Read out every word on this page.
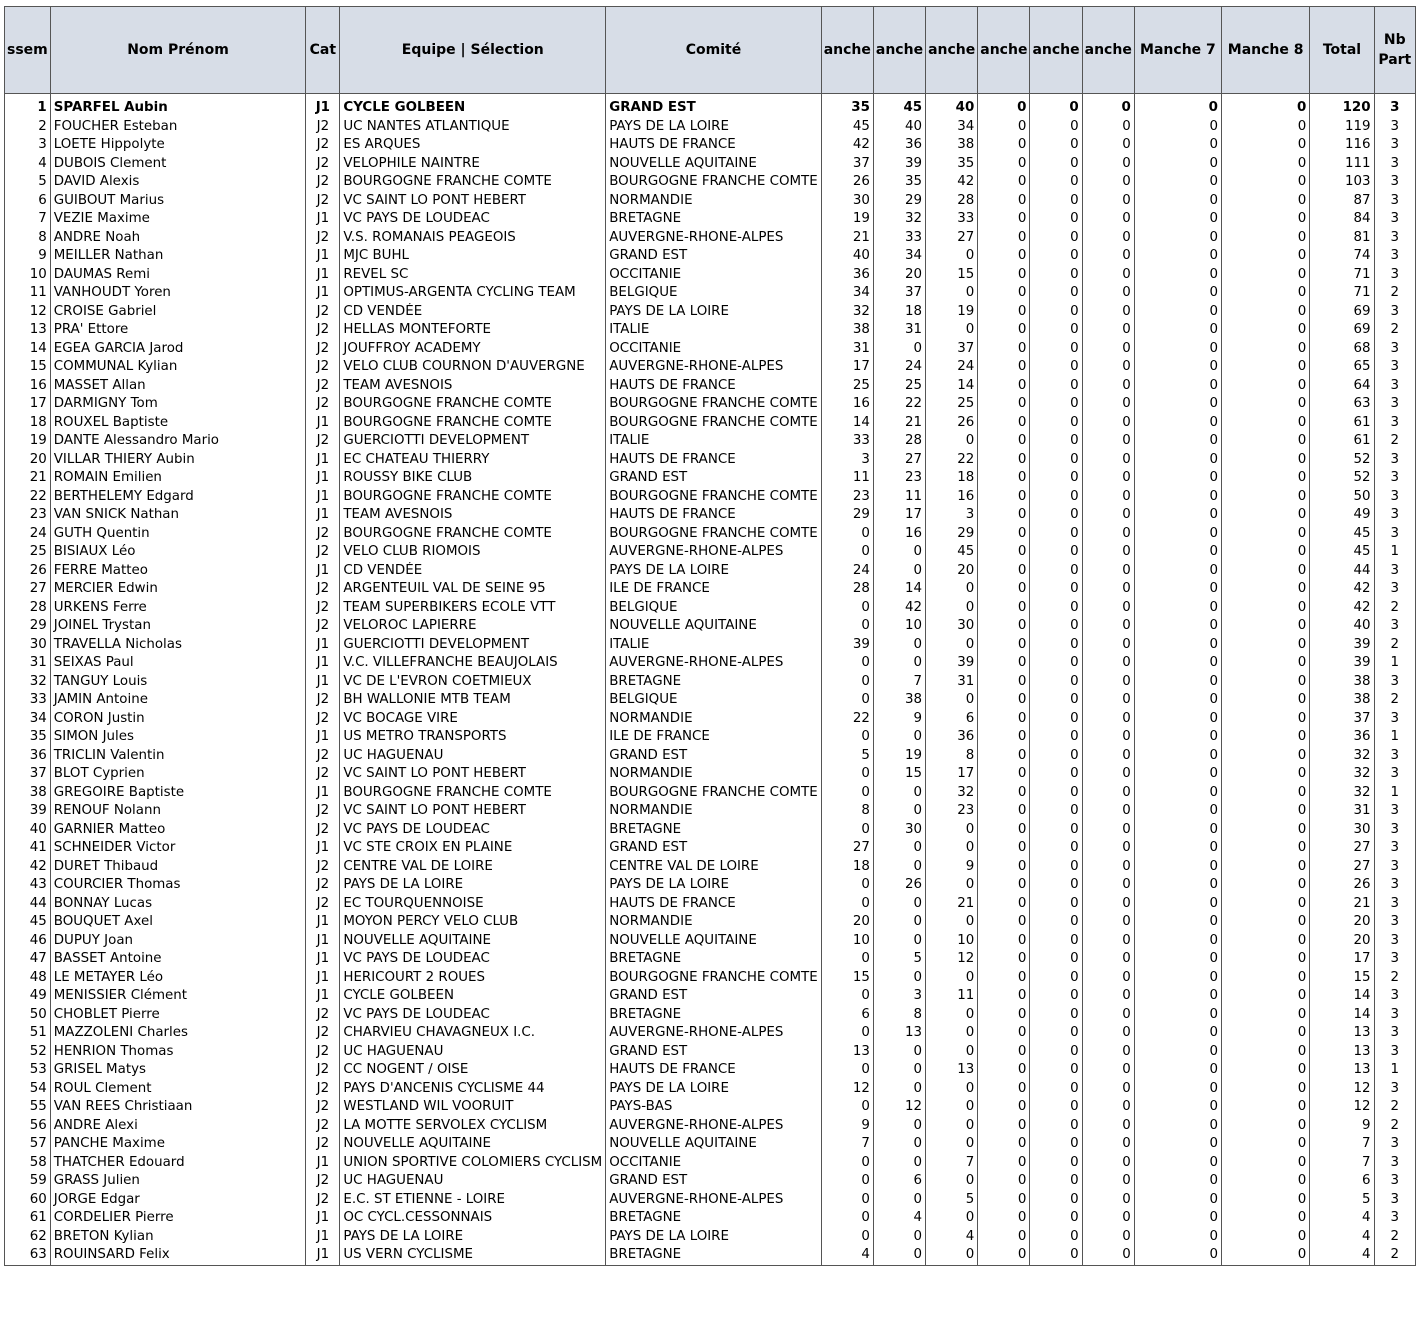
ssem	Nom Prénom	Cat	Equipe | Sélection	Comité	anche	anche	anche	anche	anche	anche	Manche 7	Manche 8	Total	Nb Part

1	SPARFEL Aubin	J1	CYCLE GOLBEEN	GRAND EST	35	45	40	0	0	0	0	0	120	3
2	FOUCHER Esteban	J2	UC NANTES ATLANTIQUE	PAYS DE LA LOIRE	45	40	34	0	0	0	0	0	119	3
3	LOETE Hippolyte	J2	ES ARQUES	HAUTS DE FRANCE	42	36	38	0	0	0	0	0	116	3
4	DUBOIS Clement	J2	VELOPHILE NAINTRE	NOUVELLE AQUITAINE	37	39	35	0	0	0	0	0	111	3
5	DAVID Alexis	J2	BOURGOGNE FRANCHE COMTE	BOURGOGNE FRANCHE COMTE	26	35	42	0	0	0	0	0	103	3
6	GUIBOUT Marius	J2	VC SAINT LO PONT HEBERT	NORMANDIE	30	29	28	0	0	0	0	0	87	3
7	VEZIE Maxime	J1	VC PAYS DE LOUDEAC	BRETAGNE	19	32	33	0	0	0	0	0	84	3
8	ANDRE Noah	J2	V.S. ROMANAIS PEAGEOIS	AUVERGNE-RHONE-ALPES	21	33	27	0	0	0	0	0	81	3
9	MEILLER Nathan	J1	MJC BUHL	GRAND EST	40	34	0	0	0	0	0	0	74	3
10	DAUMAS Remi	J1	REVEL SC	OCCITANIE	36	20	15	0	0	0	0	0	71	3
11	VANHOUDT Yoren	J1	OPTIMUS-ARGENTA CYCLING TEAM	BELGIQUE	34	37	0	0	0	0	0	0	71	2
12	CROISE Gabriel	J2	CD VENDÉE	PAYS DE LA LOIRE	32	18	19	0	0	0	0	0	69	3
13	PRA' Ettore	J2	HELLAS MONTEFORTE	ITALIE	38	31	0	0	0	0	0	0	69	2
14	EGEA GARCIA Jarod	J2	JOUFFROY ACADEMY	OCCITANIE	31	0	37	0	0	0	0	0	68	3
15	COMMUNAL Kylian	J2	VELO CLUB COURNON D'AUVERGNE	AUVERGNE-RHONE-ALPES	17	24	24	0	0	0	0	0	65	3
16	MASSET Allan	J2	TEAM AVESNOIS	HAUTS DE FRANCE	25	25	14	0	0	0	0	0	64	3
17	DARMIGNY Tom	J2	BOURGOGNE FRANCHE COMTE	BOURGOGNE FRANCHE COMTE	16	22	25	0	0	0	0	0	63	3
18	ROUXEL Baptiste	J1	BOURGOGNE FRANCHE COMTE	BOURGOGNE FRANCHE COMTE	14	21	26	0	0	0	0	0	61	3
19	DANTE Alessandro Mario	J2	GUERCIOTTI DEVELOPMENT	ITALIE	33	28	0	0	0	0	0	0	61	2
20	VILLAR THIERY Aubin	J1	EC CHATEAU THIERRY	HAUTS DE FRANCE	3	27	22	0	0	0	0	0	52	3
21	ROMAIN Emilien	J1	ROUSSY BIKE CLUB	GRAND EST	11	23	18	0	0	0	0	0	52	3
22	BERTHELEMY Edgard	J1	BOURGOGNE FRANCHE COMTE	BOURGOGNE FRANCHE COMTE	23	11	16	0	0	0	0	0	50	3
23	VAN SNICK Nathan	J1	TEAM AVESNOIS	HAUTS DE FRANCE	29	17	3	0	0	0	0	0	49	3
24	GUTH Quentin	J2	BOURGOGNE FRANCHE COMTE	BOURGOGNE FRANCHE COMTE	0	16	29	0	0	0	0	0	45	3
25	BISIAUX Léo	J2	VELO CLUB RIOMOIS	AUVERGNE-RHONE-ALPES	0	0	45	0	0	0	0	0	45	1
26	FERRE Matteo	J1	CD VENDÉE	PAYS DE LA LOIRE	24	0	20	0	0	0	0	0	44	3
27	MERCIER Edwin	J2	ARGENTEUIL VAL DE SEINE 95	ILE DE FRANCE	28	14	0	0	0	0	0	0	42	3
28	URKENS Ferre	J2	TEAM SUPERBIKERS ECOLE VTT	BELGIQUE	0	42	0	0	0	0	0	0	42	2
29	JOINEL Trystan	J2	VELOROC LAPIERRE	NOUVELLE AQUITAINE	0	10	30	0	0	0	0	0	40	3
30	TRAVELLA Nicholas	J1	GUERCIOTTI DEVELOPMENT	ITALIE	39	0	0	0	0	0	0	0	39	2
31	SEIXAS Paul	J1	V.C. VILLEFRANCHE BEAUJOLAIS	AUVERGNE-RHONE-ALPES	0	0	39	0	0	0	0	0	39	1
32	TANGUY Louis	J1	VC DE L'EVRON COETMIEUX	BRETAGNE	0	7	31	0	0	0	0	0	38	3
33	JAMIN Antoine	J2	BH WALLONIE MTB TEAM	BELGIQUE	0	38	0	0	0	0	0	0	38	2
34	CORON Justin	J2	VC BOCAGE VIRE	NORMANDIE	22	9	6	0	0	0	0	0	37	3
35	SIMON Jules	J1	US METRO TRANSPORTS	ILE DE FRANCE	0	0	36	0	0	0	0	0	36	1
36	TRICLIN Valentin	J2	UC HAGUENAU	GRAND EST	5	19	8	0	0	0	0	0	32	3
37	BLOT Cyprien	J2	VC SAINT LO PONT HEBERT	NORMANDIE	0	15	17	0	0	0	0	0	32	3
38	GREGOIRE Baptiste	J1	BOURGOGNE FRANCHE COMTE	BOURGOGNE FRANCHE COMTE	0	0	32	0	0	0	0	0	32	1
39	RENOUF Nolann	J2	VC SAINT LO PONT HEBERT	NORMANDIE	8	0	23	0	0	0	0	0	31	3
40	GARNIER Matteo	J2	VC PAYS DE LOUDEAC	BRETAGNE	0	30	0	0	0	0	0	0	30	3
41	SCHNEIDER Victor	J1	VC STE CROIX EN PLAINE	GRAND EST	27	0	0	0	0	0	0	0	27	3
42	DURET Thibaud	J2	CENTRE VAL DE LOIRE	CENTRE VAL DE LOIRE	18	0	9	0	0	0	0	0	27	3
43	COURCIER Thomas	J2	PAYS DE LA LOIRE	PAYS DE LA LOIRE	0	26	0	0	0	0	0	0	26	3
44	BONNAY Lucas	J2	EC TOURQUENNOISE	HAUTS DE FRANCE	0	0	21	0	0	0	0	0	21	3
45	BOUQUET Axel	J1	MOYON PERCY VELO CLUB	NORMANDIE	20	0	0	0	0	0	0	0	20	3
46	DUPUY Joan	J1	NOUVELLE AQUITAINE	NOUVELLE AQUITAINE	10	0	10	0	0	0	0	0	20	3
47	BASSET Antoine	J1	VC PAYS DE LOUDEAC	BRETAGNE	0	5	12	0	0	0	0	0	17	3
48	LE METAYER Léo	J1	HERICOURT 2 ROUES	BOURGOGNE FRANCHE COMTE	15	0	0	0	0	0	0	0	15	2
49	MENISSIER Clément	J1	CYCLE GOLBEEN	GRAND EST	0	3	11	0	0	0	0	0	14	3
50	CHOBLET Pierre	J2	VC PAYS DE LOUDEAC	BRETAGNE	6	8	0	0	0	0	0	0	14	3
51	MAZZOLENI Charles	J2	CHARVIEU CHAVAGNEUX I.C.	AUVERGNE-RHONE-ALPES	0	13	0	0	0	0	0	0	13	3
52	HENRION Thomas	J2	UC HAGUENAU	GRAND EST	13	0	0	0	0	0	0	0	13	3
53	GRISEL Matys	J2	CC NOGENT / OISE	HAUTS DE FRANCE	0	0	13	0	0	0	0	0	13	1
54	ROUL Clement	J2	PAYS D'ANCENIS CYCLISME 44	PAYS DE LA LOIRE	12	0	0	0	0	0	0	0	12	3
55	VAN REES Christiaan	J2	WESTLAND WIL VOORUIT	PAYS-BAS	0	12	0	0	0	0	0	0	12	2
56	ANDRE Alexi	J2	LA MOTTE SERVOLEX CYCLISM	AUVERGNE-RHONE-ALPES	9	0	0	0	0	0	0	0	9	2
57	PANCHE Maxime	J2	NOUVELLE AQUITAINE	NOUVELLE AQUITAINE	7	0	0	0	0	0	0	0	7	3
58	THATCHER Edouard	J1	UNION SPORTIVE COLOMIERS CYCLISM	OCCITANIE	0	0	7	0	0	0	0	0	7	3
59	GRASS Julien	J2	UC HAGUENAU	GRAND EST	0	6	0	0	0	0	0	0	6	3
60	JORGE Edgar	J2	E.C. ST ETIENNE - LOIRE	AUVERGNE-RHONE-ALPES	0	0	5	0	0	0	0	0	5	3
61	CORDELIER Pierre	J1	OC CYCL.CESSONNAIS	BRETAGNE	0	4	0	0	0	0	0	0	4	3
62	BRETON Kylian	J1	PAYS DE LA LOIRE	PAYS DE LA LOIRE	0	0	4	0	0	0	0	0	4	2
63	ROUINSARD Felix	J1	US VERN CYCLISME	BRETAGNE	4	0	0	0	0	0	0	0	4	2
